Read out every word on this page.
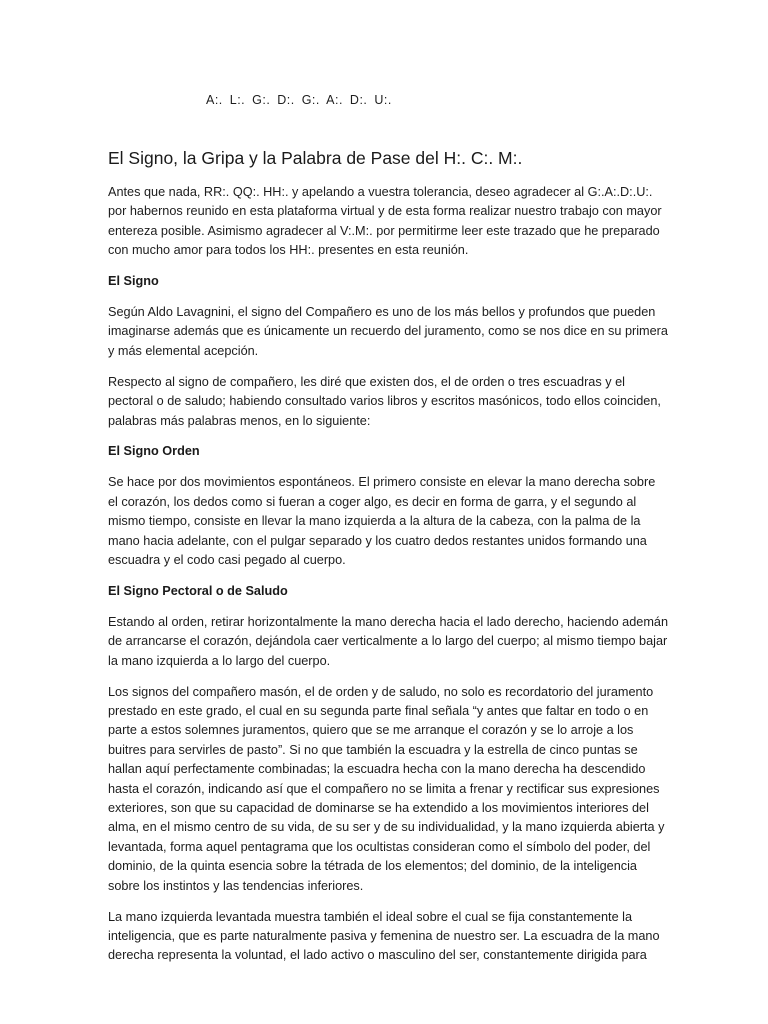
A:. L:. G:. D:. G:. A:. D:. U:.
El Signo, la Gripa y la Palabra de Pase del H:. C:. M:.

Antes que nada, RR:. QQ:. HH:. y apelando a vuestra tolerancia, deseo agradecer al G:.A:.D:.U:. por habernos reunido en esta plataforma virtual y de esta forma realizar nuestro trabajo con mayor entereza posible. Asimismo agradecer al V:.M:. por permitirme leer este trazado que he preparado con mucho amor para todos los HH:. presentes en esta reunión.

El Signo

Según Aldo Lavagnini, el signo del Compañero es uno de los más bellos y profundos que pueden imaginarse además que es únicamente un recuerdo del juramento, como se nos dice en su primera y más elemental acepción.

Respecto al signo de compañero, les diré que existen dos, el de orden o tres escuadras y el pectoral o de saludo; habiendo consultado varios libros y escritos masónicos, todo ellos coinciden, palabras más palabras menos, en lo siguiente:

El Signo Orden

Se hace por dos movimientos espontáneos. El primero consiste en elevar la mano derecha sobre el corazón, los dedos como si fueran a coger algo, es decir en forma de garra, y el segundo al mismo tiempo, consiste en llevar la mano izquierda a la altura de la cabeza, con la palma de la mano hacia adelante, con el pulgar separado y los cuatro dedos restantes unidos formando una escuadra y el codo casi pegado al cuerpo.

El Signo Pectoral o de Saludo

Estando al orden, retirar horizontalmente la mano derecha hacia el lado derecho, haciendo ademán de arrancarse el corazón, dejándola caer verticalmente a lo largo del cuerpo; al mismo tiempo bajar la mano izquierda a lo largo del cuerpo.

Los signos del compañero masón, el de orden y de saludo, no solo es recordatorio del juramento prestado en este grado, el cual en su segunda parte final señala “y antes que faltar en todo o en parte a estos solemnes juramentos, quiero que se me arranque el corazón y se lo arroje a los buitres para servirles de pasto”. Si no que también la escuadra y la estrella de cinco puntas se hallan aquí perfectamente combinadas; la escuadra hecha con la mano derecha ha descendido hasta el corazón, indicando así que el compañero no se limita a frenar y rectificar sus expresiones exteriores, son que su capacidad de dominarse se ha extendido a los movimientos interiores del alma, en el mismo centro de su vida, de su ser y de su individualidad, y la mano izquierda abierta y levantada, forma aquel pentagrama que los ocultistas consideran como el símbolo del poder, del dominio, de la quinta esencia sobre la tétrada de los elementos; del dominio, de la inteligencia sobre los instintos y las tendencias inferiores.

La mano izquierda levantada muestra también el ideal sobre el cual se fija constantemente la inteligencia, que es parte naturalmente pasiva y femenina de nuestro ser. La escuadra de la mano derecha representa la voluntad, el lado activo o masculino del ser, constantemente dirigida para
